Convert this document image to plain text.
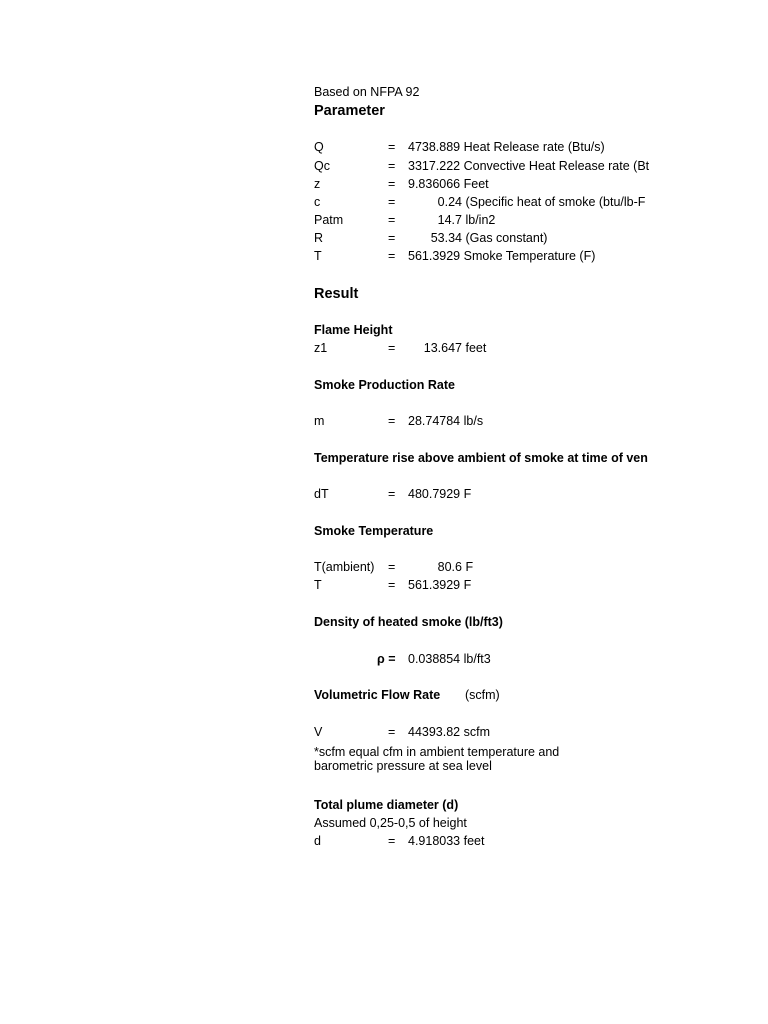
Based on NFPA 92
Parameter
Q	= 4738.889 Heat Release rate (Btu/s)
Qc	= 3317.222 Convective Heat Release rate (Bt
z	= 9.836066 Feet
c	=	0.24 (Specific heat of smoke (btu/lb-F
Patm	=	14.7 lb/in2
R	=	53.34 (Gas constant)
T	= 561.3929 Smoke Temperature (F)
Result
Flame Height
z1	=	13.647 feet
Smoke Production Rate
m	= 28.74784 lb/s
Temperature rise above ambient of smoke at time of ven
dT	= 480.7929 F
Smoke Temperature
T(ambient) =	80.6 F
T	= 561.3929 F
Density of heated smoke (lb/ft3)
ρ = 0.038854 lb/ft3
Volumetric Flow Rate (scfm)
V	= 44393.82 scfm
*scfm equal cfm in ambient temperature and barometric pressure at sea level
Total plume diameter (d)
Assumed 0,25-0,5 of height
d	= 4.918033 feet
